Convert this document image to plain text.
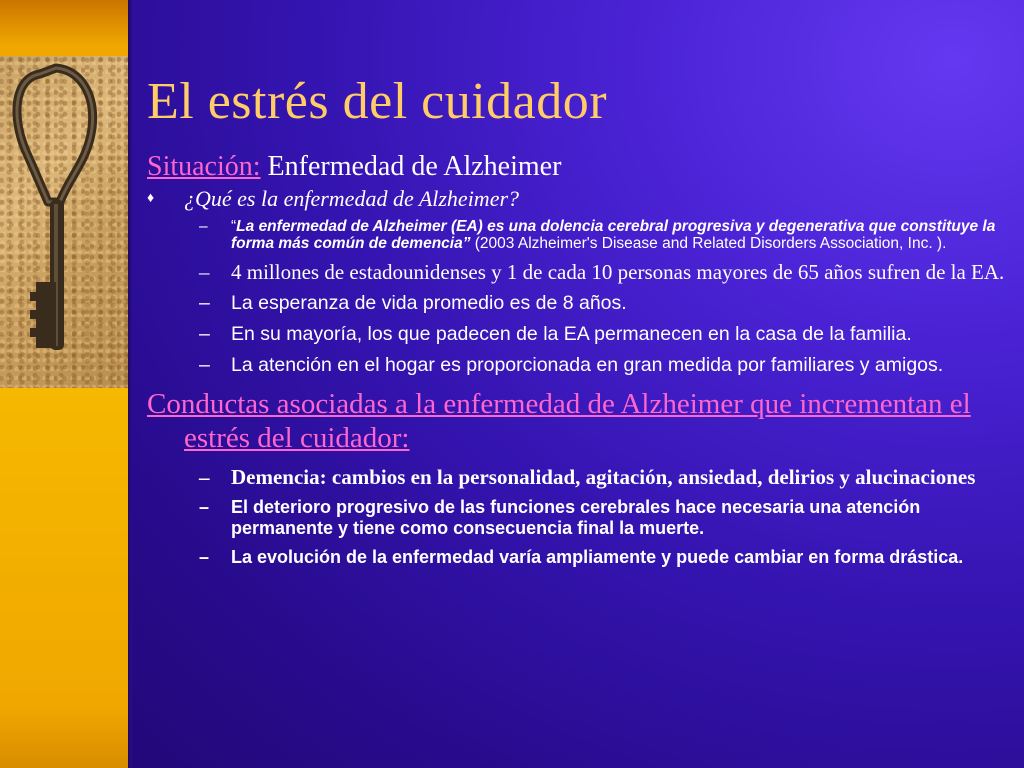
El estrés del cuidador
Situación: Enfermedad de Alzheimer
♦	¿Qué es la enfermedad de Alzheimer?
– “La enfermedad de Alzheimer (EA) es una dolencia cerebral progresiva y degenerativa que constituye la forma más común de demencia” (2003 Alzheimer's Disease and Related Disorders Association, Inc. ).
– 4 millones de estadounidenses y 1 de cada 10 personas mayores de 65 años sufren de la EA.
– La esperanza de vida promedio es de 8 años.
– En su mayoría, los que padecen de la EA permanecen en la casa de la familia.
– La atención en el hogar es proporcionada en gran medida por familiares y amigos.
Conductas asociadas a la enfermedad de Alzheimer que incrementan el estrés del cuidador:
– Demencia: cambios en la personalidad, agitación, ansiedad, delirios y alucinaciones
– El deterioro progresivo de las funciones cerebrales hace necesaria una atención permanente y tiene como consecuencia final la muerte.
– La evolución de la enfermedad varía ampliamente y puede cambiar en forma drástica.
